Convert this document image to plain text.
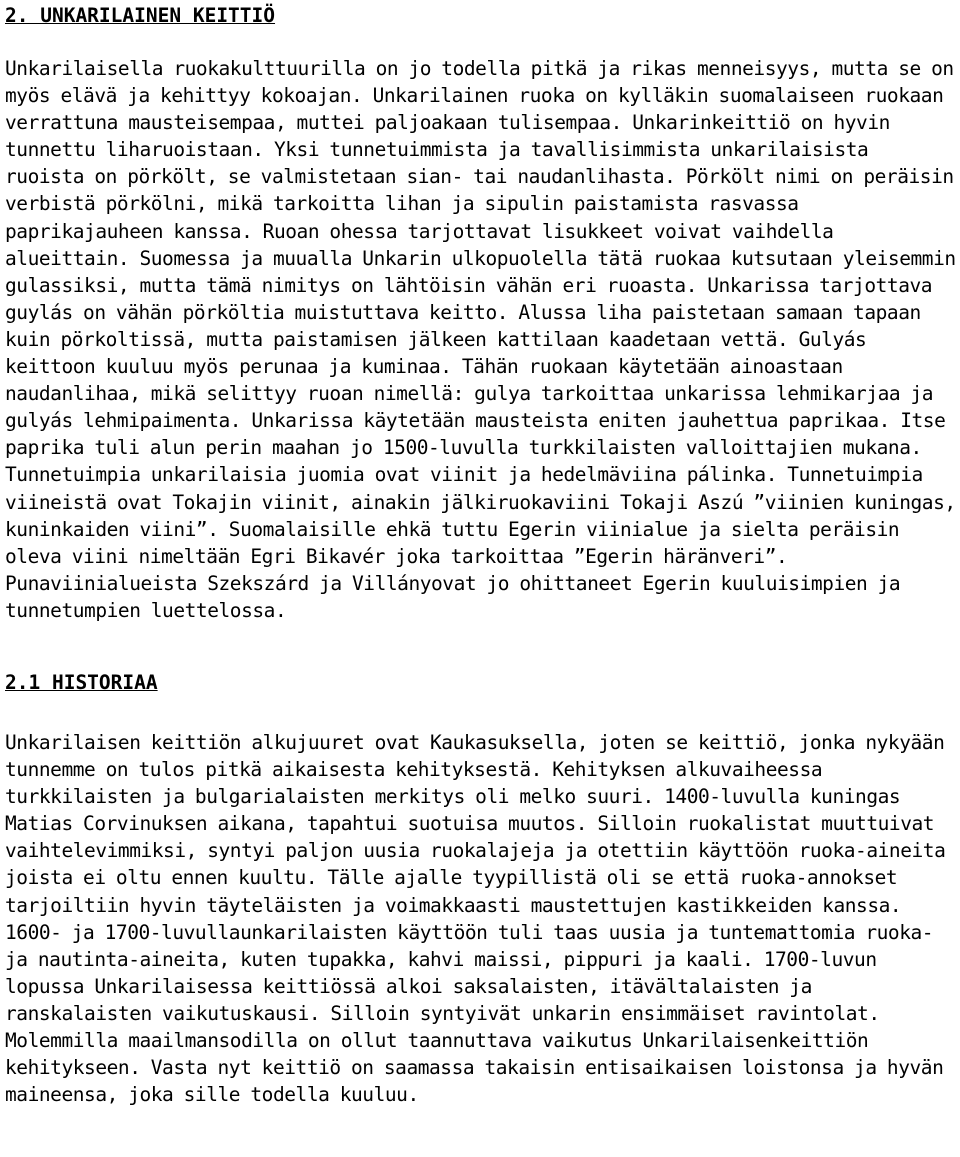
2. UNKARILAINEN KEITTIÖ

Unkarilaisella ruokakulttuurilla on jo todella pitkä ja rikas menneisyys, mutta se on myös elävä ja kehittyy kokoajan. Unkarilainen ruoka on kylläkin suomalaiseen ruokaan verrattuna mausteisempaa, muttei paljoakaan tulisempaa. Unkarinkeittiö on hyvin tunnettu liharuoistaan. Yksi tunnetuimmista ja tavallisimmista unkarilaisista ruoista on pörkölt, se valmistetaan sian- tai naudanlihasta. Pörkölt nimi on peräisin verbistä pörkölni, mikä tarkoitta lihan ja sipulin paistamista rasvassa paprikajauheen kanssa. Ruoan ohessa tarjottavat lisukkeet voivat vaihdella alueittain. Suomessa ja muualla Unkarin ulkopuolella tätä ruokaa kutsutaan yleisemmin gulassiksi, mutta tämä nimitys on lähtöisin vähän eri ruoasta. Unkarissa tarjottava guylás on vähän pörköltia muistuttava keitto. Alussa liha paistetaan samaan tapaan kuin pörkoltissä, mutta paistamisen jälkeen kattilaan kaadetaan vettä. Gulyás keittoon kuuluu myös perunaa ja kuminaa. Tähän ruokaan käytetään ainoastaan naudanlihaa, mikä selittyy ruoan nimellä: gulya tarkoittaa unkarissa lehmikarjaa ja gulyás lehmipaimenta. Unkarissa käytetään mausteista eniten jauhettua paprikaa. Itse paprika tuli alun perin maahan jo 1500-luvulla turkkilaisten valloittajien mukana. Tunnetuimpia unkarilaisia juomia ovat viinit ja hedelmäviina pálinka. Tunnetuimpia viineistä ovat Tokajin viinit, ainakin jälkiruokaviini Tokaji Aszú ”viinien kuningas, kuninkaiden viini”. Suomalaisille ehkä tuttu Egerin viinialue ja sielta peräisin oleva viini nimeltään Egri Bikavér joka tarkoittaa ”Egerin häränveri”. Punaviinialueista Szekszárd ja Villányovat jo ohittaneet Egerin kuuluisimpien ja tunnetumpien luettelossa.

2.1 HISTORIAA

Unkarilaisen keittiön alkujuuret ovat Kaukasuksella, joten se keittiö, jonka nykyään tunnemme on tulos pitkä aikaisesta kehityksestä. Kehityksen alkuvaiheessa turkkilaisten ja bulgarialaisten merkitys oli melko suuri. 1400-luvulla kuningas Matias Corvinuksen aikana, tapahtui suotuisa muutos. Silloin ruokalistat muuttuivat vaihtelevimmiksi, syntyi paljon uusia ruokalajeja ja otettiin käyttöön ruoka-aineita joista ei oltu ennen kuultu. Tälle ajalle tyypillistä oli se että ruoka-annokset tarjoiltiin hyvin täyteläisten ja voimakkaasti maustettujen kastikkeiden kanssa. 1600- ja 1700-luvullaunkarilaisten käyttöön tuli taas uusia ja tuntemattomia ruoka- ja nautinta-aineita, kuten tupakka, kahvi maissi, pippuri ja kaali. 1700-luvun lopussa Unkarilaisessa keittiössä alkoi saksalaisten, itävältalaisten ja ranskalaisten vaikutuskausi. Silloin syntyivät unkarin ensimmäiset ravintolat. Molemmilla maailmansodilla on ollut taannuttava vaikutus Unkarilaisenkeittiön kehitykseen. Vasta nyt keittiö on saamassa takaisin entisaikaisen loistonsa ja hyvän maineensa, joka sille todella kuuluu.
